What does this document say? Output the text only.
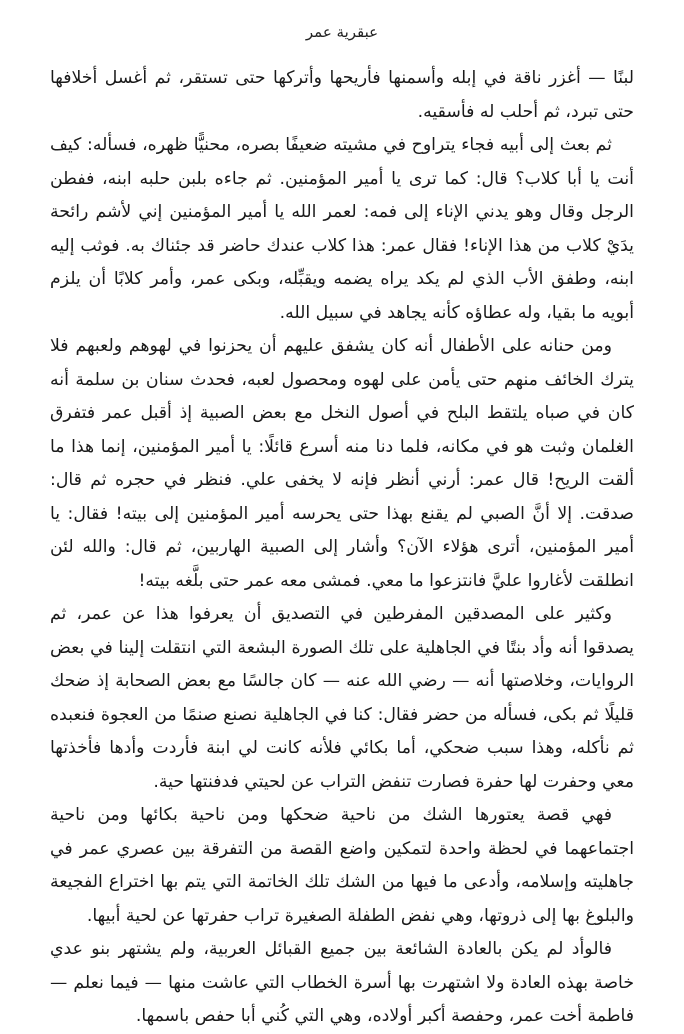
عبقرية عمر

لبنًا — أغزر ناقة في إبله وأسمنها فأريحها وأتركها حتى تستقر، ثم أغسل أخلافها حتى تبرد، ثم أحلب له فأسقيه.

ثم بعث إلى أبيه فجاء يتراوح في مشيته ضعيفًا بصره، محنيًّا ظهره، فسأله: كيف أنت يا أبا كلاب؟ قال: كما ترى يا أمير المؤمنين. ثم جاءه بلبن حلبه ابنه، ففطن الرجل وقال وهو يدني الإناء إلى فمه: لعمر الله يا أمير المؤمنين إني لأشم رائحة يدَيْ كلاب من هذا الإناء! فقال عمر: هذا كلاب عندك حاضر قد جئناك به. فوثب إليه ابنه، وطفق الأب الذي لم يكد يراه يضمه ويقبِّله، وبكى عمر، وأمر كلابًا أن يلزم أبويه ما بقيا، وله عطاؤه كأنه يجاهد في سبيل الله.

ومن حنانه على الأطفال أنه كان يشفق عليهم أن يحزنوا في لهوهم ولعبهم فلا يترك الخائف منهم حتى يأمن على لهوه ومحصول لعبه، فحدث سنان بن سلمة أنه كان في صباه يلتقط البلح في أصول النخل مع بعض الصبية إذ أقبل عمر فتفرق الغلمان وثبت هو في مكانه، فلما دنا منه أسرع قائلًا: يا أمير المؤمنين، إنما هذا ما ألقت الريح! قال عمر: أرني أنظر فإنه لا يخفى علي. فنظر في حجره ثم قال: صدقت. إلا أنَّ الصبي لم يقنع بهذا حتى يحرسه أمير المؤمنين إلى بيته! فقال: يا أمير المؤمنين، أترى هؤلاء الآن؟ وأشار إلى الصبية الهاربين، ثم قال: والله لئن انطلقت لأغاروا عليَّ فانتزعوا ما معي. فمشى معه عمر حتى بلَّغه بيته!

وكثير على المصدقين المفرطين في التصديق أن يعرفوا هذا عن عمر، ثم يصدقوا أنه وأد بنتًا في الجاهلية على تلك الصورة البشعة التي انتقلت إلينا في بعض الروايات، وخلاصتها أنه — رضي الله عنه — كان جالسًا مع بعض الصحابة إذ ضحك قليلًا ثم بكى، فسأله من حضر فقال: كنا في الجاهلية نصنع صنمًا من العجوة فنعبده ثم نأكله، وهذا سبب ضحكي، أما بكائي فلأنه كانت لي ابنة فأردت وأدها فأخذتها معي وحفرت لها حفرة فصارت تنفض التراب عن لحيتي فدفنتها حية.

فهي قصة يعتورها الشك من ناحية ضحكها ومن ناحية بكائها ومن ناحية اجتماعهما في لحظة واحدة لتمكين واضع القصة من التفرقة بين عصري عمر في جاهليته وإسلامه، وأدعى ما فيها من الشك تلك الخاتمة التي يتم بها اختراع الفجيعة والبلوغ بها إلى ذروتها، وهي نفض الطفلة الصغيرة تراب حفرتها عن لحية أبيها.

فالوأد لم يكن بالعادة الشائعة بين جميع القبائل العربية، ولم يشتهر بنو عدي خاصة بهذه العادة ولا اشتهرت بها أسرة الخطاب التي عاشت منها — فيما نعلم — فاطمة أخت عمر، وحفصة أكبر أولاده، وهي التي كُني أبا حفص باسمها.
